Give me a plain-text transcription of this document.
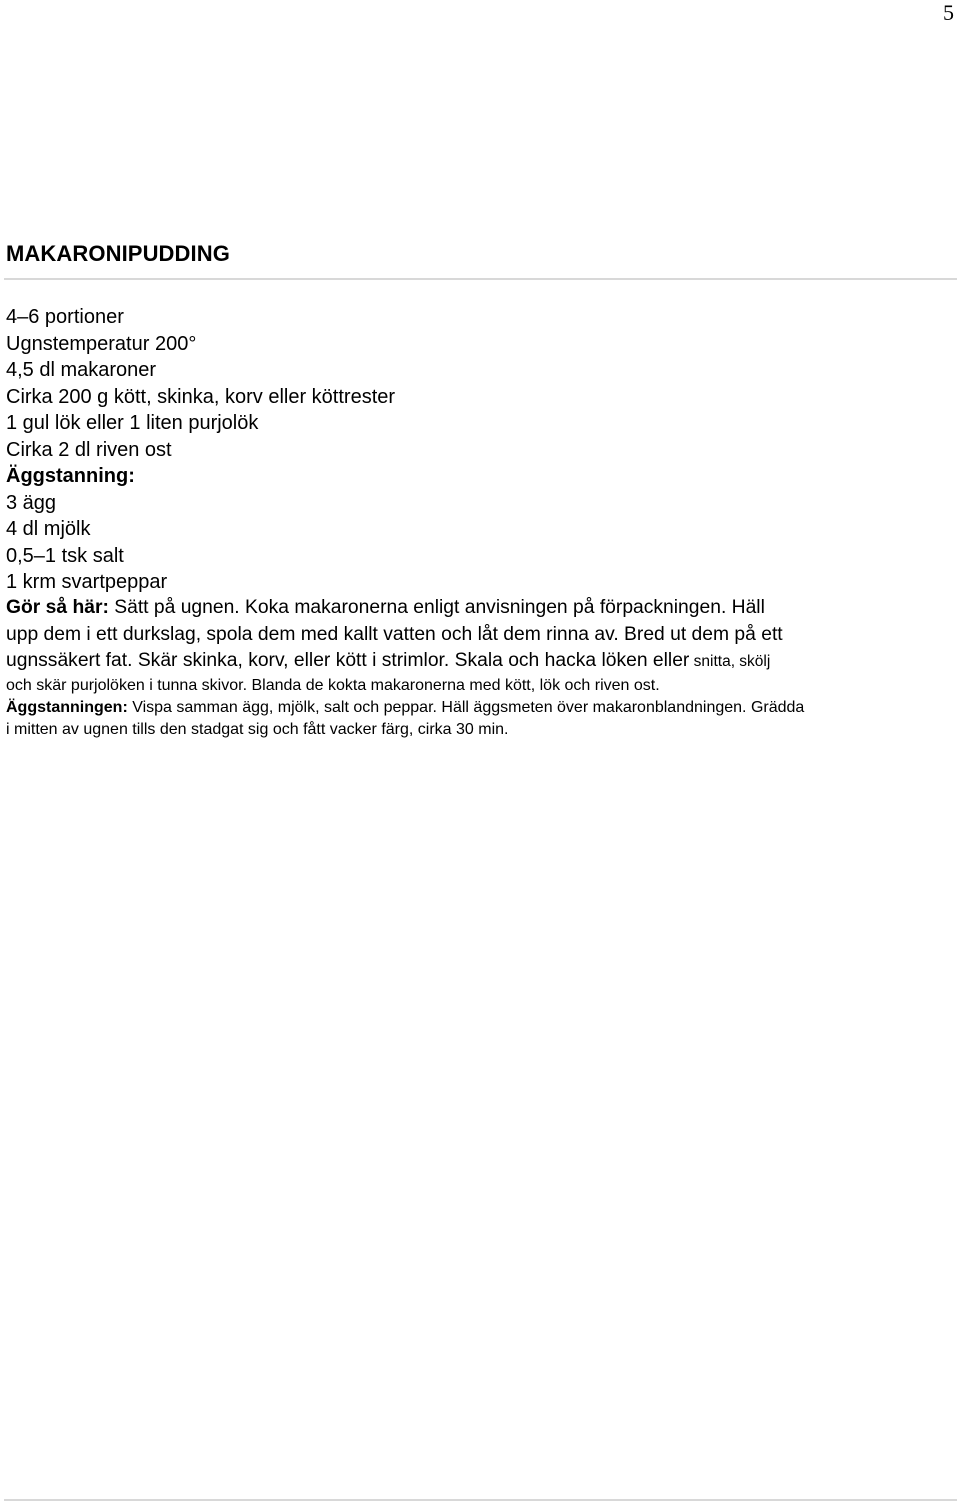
5
MAKARONIPUDDING
4–6 portioner
Ugnstemperatur 200°
4,5 dl makaroner
Cirka 200 g kött, skinka, korv eller köttrester
1 gul lök eller 1 liten purjolök
Cirka 2 dl riven ost
Äggstanning:
3 ägg
4 dl mjölk
0,5–1 tsk salt
1 krm svartpeppar
Gör så här: Sätt på ugnen. Koka makaronerna enligt anvisningen på förpackningen. Häll
upp dem i ett durkslag, spola dem med kallt vatten och låt dem rinna av. Bred ut dem på ett
ugnssäkert fat. Skär skinka, korv, eller kött i strimlor. Skala och hacka löken eller snitta, skölj
och skär purjolöken i tunna skivor. Blanda de kokta makaronerna med kött, lök och riven ost.
Äggstanningen: Vispa samman ägg, mjölk, salt och peppar. Häll äggsmeten över makaronblandningen. Grädda
i mitten av ugnen tills den stadgat sig och fått vacker färg, cirka 30 min.
